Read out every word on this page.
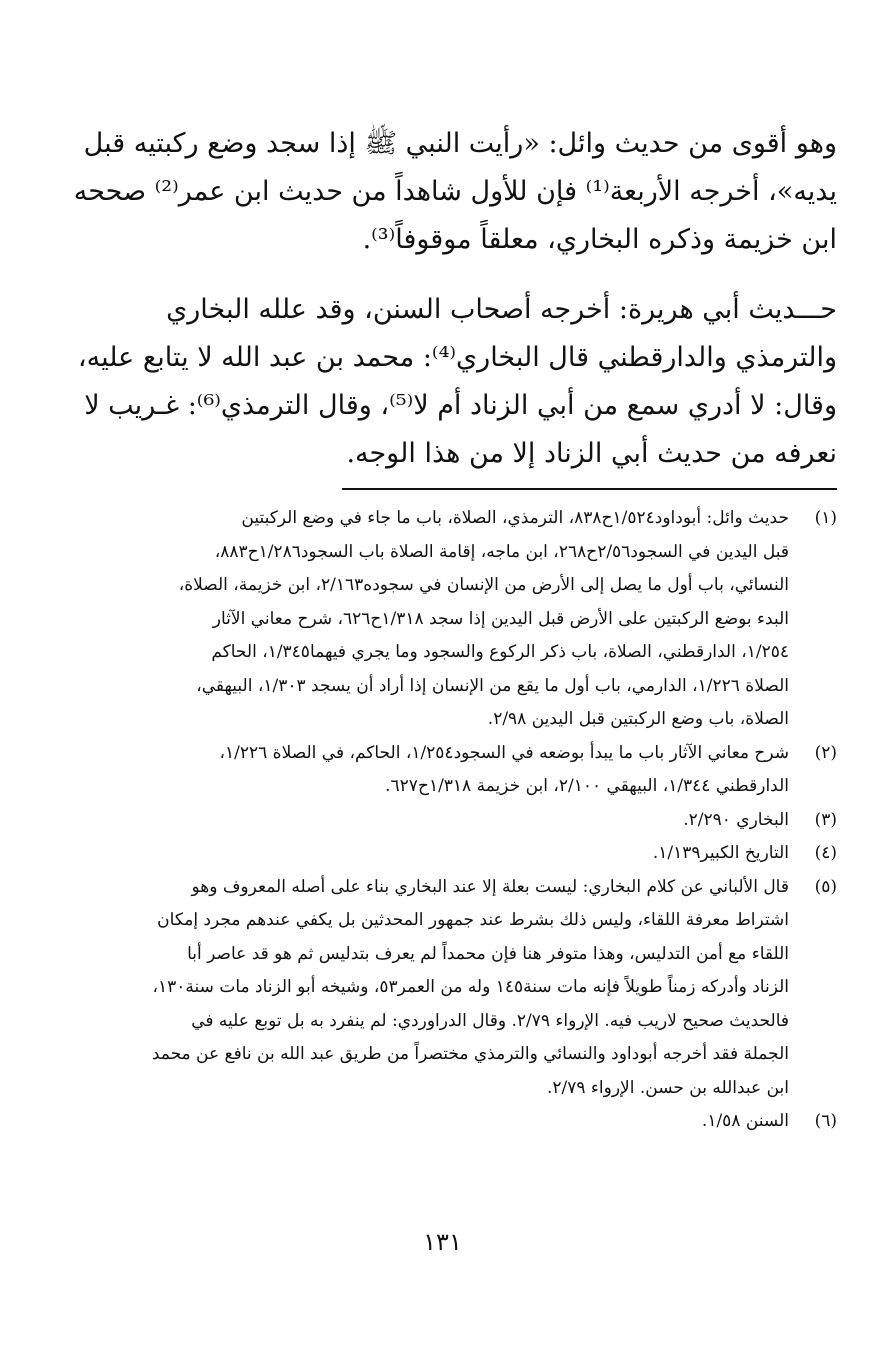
وهو أقوى من حديث وائل: «رأيت النبي ﷺ إذا سجد وضع ركبتيه قبل
يديه»، أخرجه الأربعة⁽¹⁾ فإن للأول شاهداً من حديث ابن عمر⁽²⁾ صححه
ابن خزيمة وذكره البخاري، معلقاً موقوفاً⁽³⁾.

حـــديث أبي هريرة: أخرجه أصحاب السنن، وقد علله البخاري
والترمذي والدارقطني قال البخاري⁽⁴⁾: محمد بن عبد الله لا يتابع عليه،
وقال: لا أدري سمع من أبي الزناد أم لا⁽⁵⁾، وقال الترمذي⁽⁶⁾: غـريب لا
نعرفه من حديث أبي الزناد إلا من هذا الوجه.

(١)
حديث وائل: أبوداود١/٥٢٤ح٨٣٨، الترمذي، الصلاة، باب ما جاء في وضع الركبتين
قبل اليدين في السجود٢/٥٦ح٢٦٨، ابن ماجه، إقامة الصلاة باب السجود١/٢٨٦ح٨٨٣،
النسائي، باب أول ما يصل إلى الأرض من الإنسان في سجوده٢/١٦٣، ابن خزيمة، الصلاة،
البدء بوضع الركبتين على الأرض قبل اليدين إذا سجد ١/٣١٨ح٦٢٦، شرح معاني الآثار
١/٢٥٤، الدارقطني، الصلاة، باب ذكر الركوع والسجود وما يجري فيهما١/٣٤٥، الحاكم
الصلاة ١/٢٢٦، الدارمي، باب أول ما يقع من الإنسان إذا أراد أن يسجد ١/٣٠٣، البيهقي،
الصلاة، باب وضع الركبتين قبل اليدين ٢/٩٨.
(٢)
شرح معاني الآثار باب ما يبدأ بوضعه في السجود١/٢٥٤، الحاكم، في الصلاة ١/٢٢٦،
الدارقطني ١/٣٤٤، البيهقي ٢/١٠٠، ابن خزيمة ١/٣١٨ح٦٢٧.
(٣)
البخاري ٢/٢٩٠.
(٤)
التاريخ الكبير١/١٣٩.
(٥)
قال الألباني عن كلام البخاري: ليست بعلة إلا عند البخاري بناء على أصله المعروف وهو
اشتراط معرفة اللقاء، وليس ذلك بشرط عند جمهور المحدثين بل يكفي عندهم مجرد إمكان
اللقاء مع أمن التدليس، وهذا متوفر هنا فإن محمداً لم يعرف بتدليس ثم هو قد عاصر أبا
الزناد وأدركه زمناً طويلاً فإنه مات سنة١٤٥ وله من العمر٥٣، وشيخه أبو الزناد مات سنة١٣٠،
فالحديث صحيح لاريب فيه. الإرواء ٢/٧٩. وقال الدراوردي: لم ينفرد به بل توبع عليه في
الجملة فقد أخرجه أبوداود والنسائي والترمذي مختصراً من طريق عبد الله بن نافع عن محمد
ابن عبدالله بن حسن. الإرواء ٢/٧٩.
(٦)
السنن ١/٥٨.
١٣١
